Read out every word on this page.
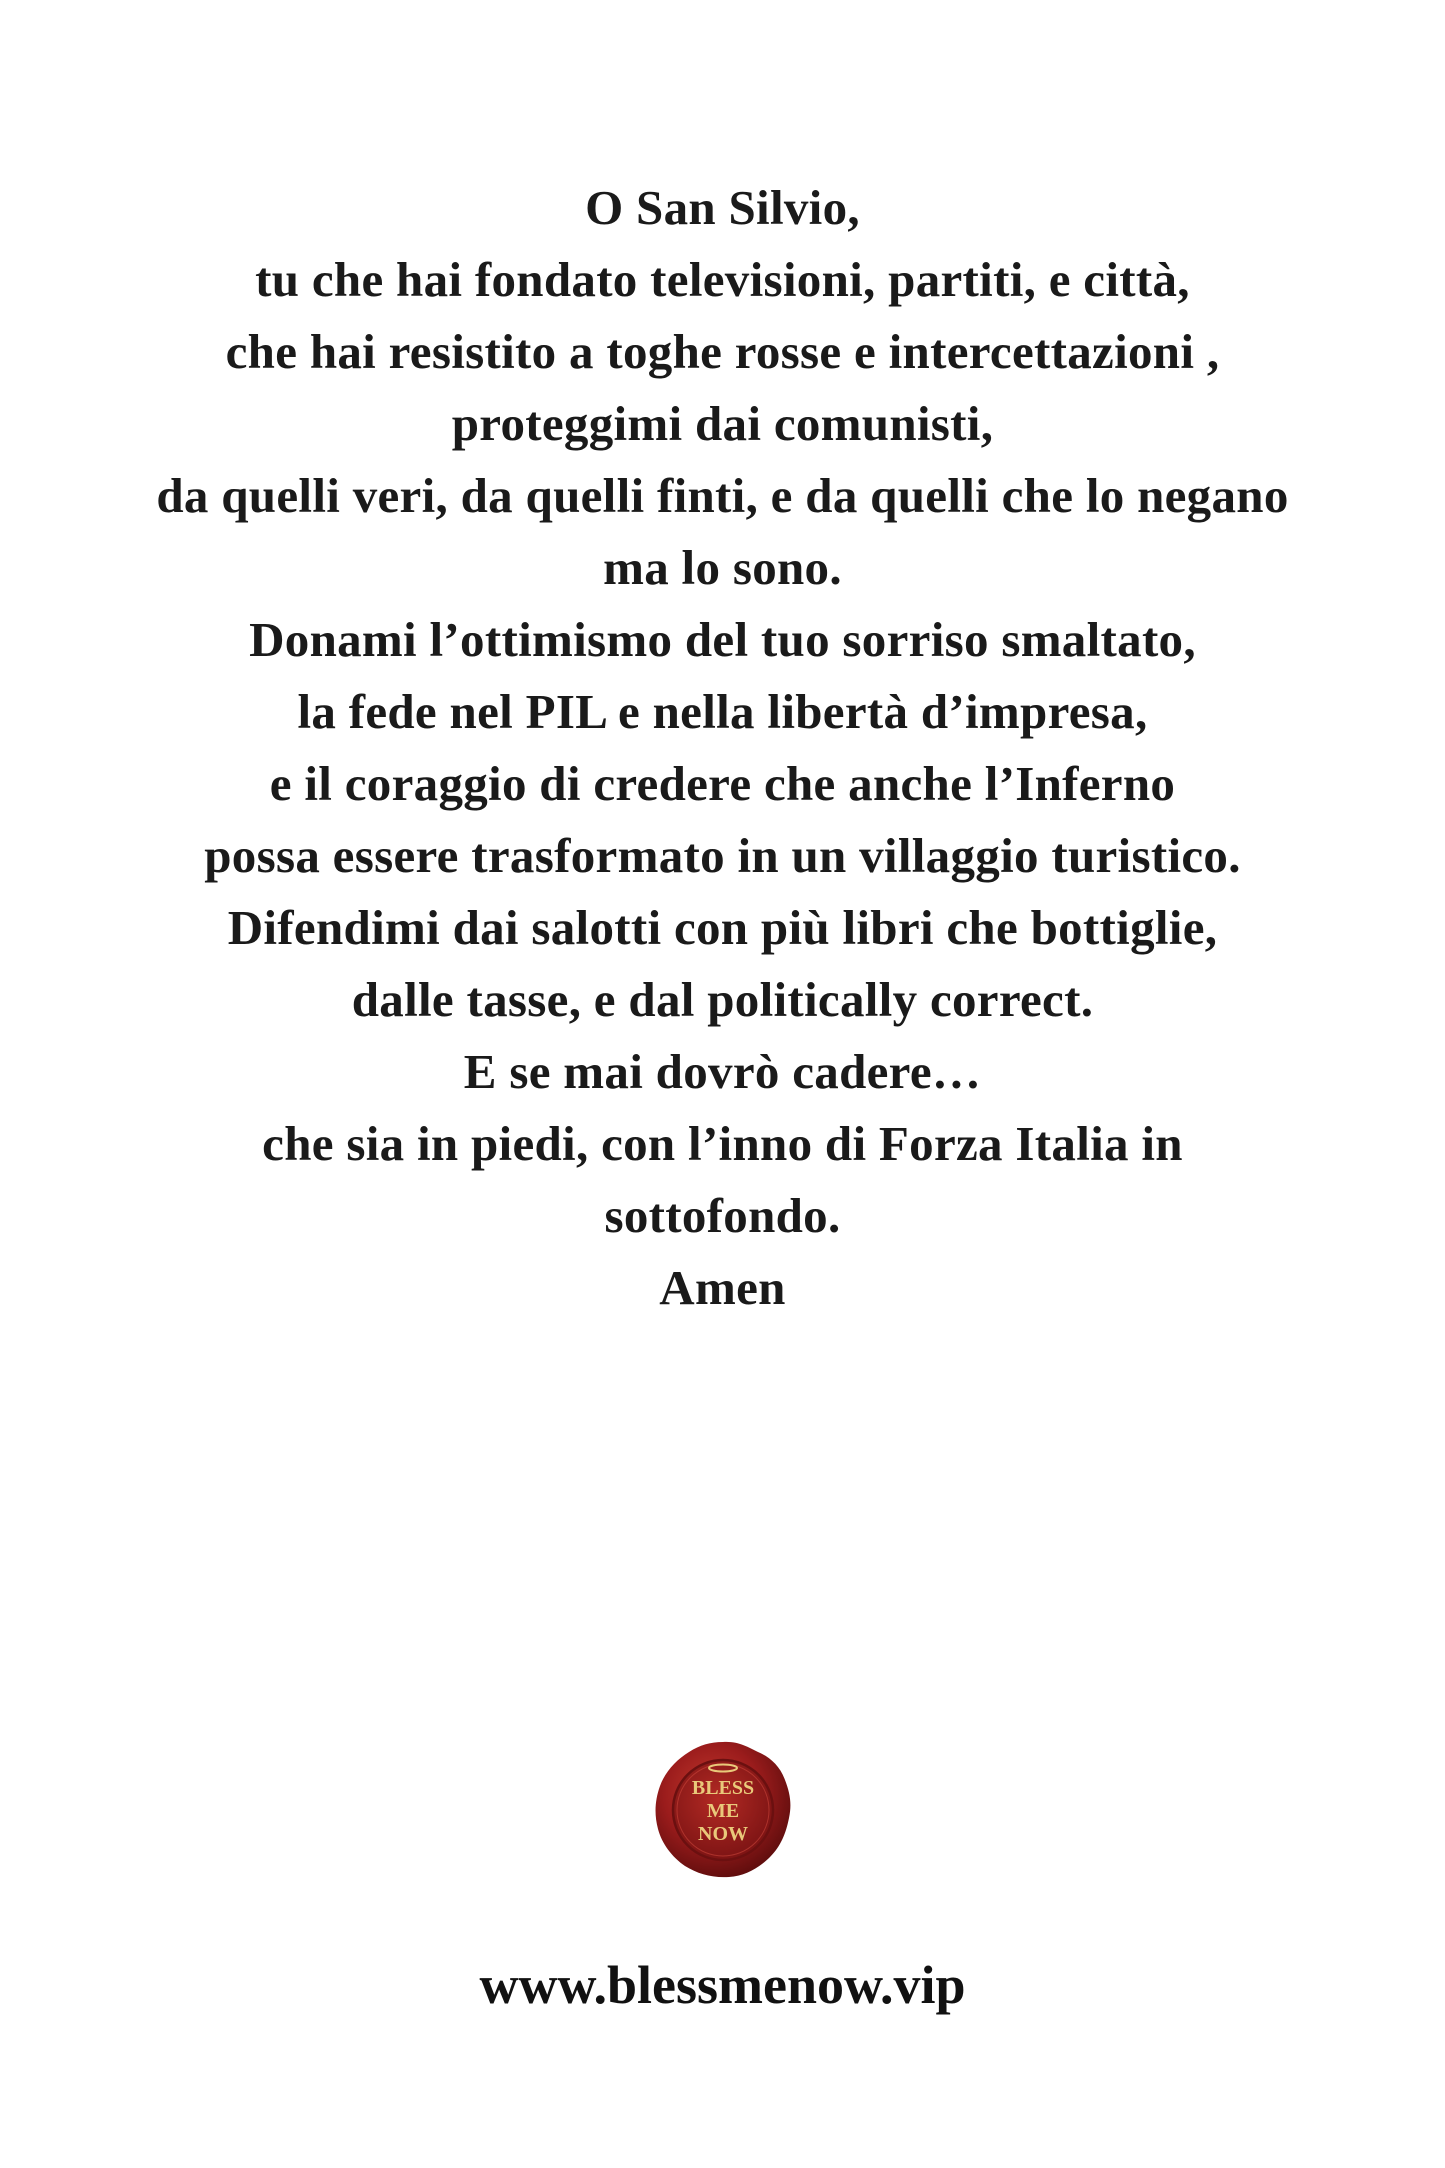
O San Silvio,
tu che hai fondato televisioni, partiti, e città,
che hai resistito a toghe rosse e intercettazioni ,
proteggimi dai comunisti,
da quelli veri, da quelli finti, e da quelli che lo negano
ma lo sono.
Donami l’ottimismo del tuo sorriso smaltato,
la fede nel PIL e nella libertà d’impresa,
e il coraggio di credere che anche l’Inferno
possa essere trasformato in un villaggio turistico.
Difendimi dai salotti con più libri che bottiglie,
dalle tasse, e dal politically correct.
E se mai dovrò cadere…
che sia in piedi, con l’inno di Forza Italia in
sottofondo.
Amen
BLESS
ME
NOW
www.blessmenow.vip
